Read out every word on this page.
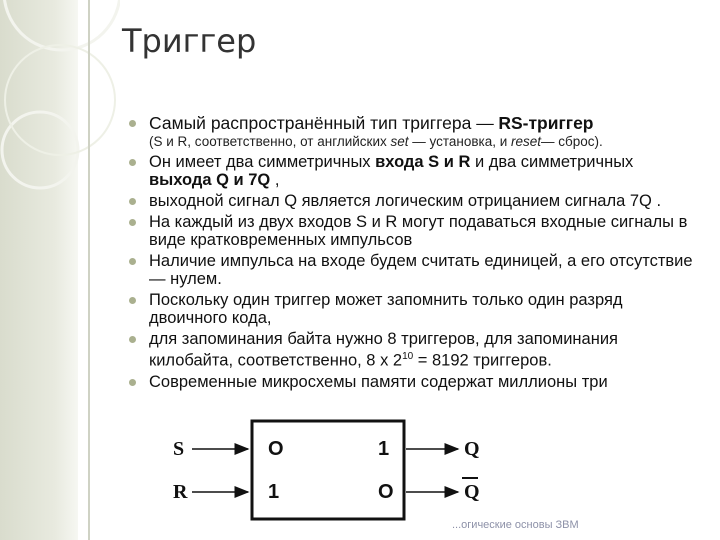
Триггер
Самый распространённый тип триггера — RS-триггер
(S и R, соответственно, от английских set — установка, и reset— сброс).
Он имеет два симметричных входа S и R и два симметричных выхода Q и 7Q ,
выходной сигнал Q является логическим отрицанием сигнала 7Q .
На каждый из двух входов S и R могут подаваться входные сигналы в виде кратковременных импульсов
Наличие импульса на входе будем считать единицей, а его отсутствие — нулем.
Поскольку один триггер может запомнить только один разряд двоичного кода,
для запоминания байта нужно 8 триггеров, для запоминания килобайта, соответственно, 8 х $2^{10} = 8192$ триггеров.
Современные микросхемы памяти содержат миллионы три
S
R
O	1
1	O
Q
Q
...огические основы ЗВМ
